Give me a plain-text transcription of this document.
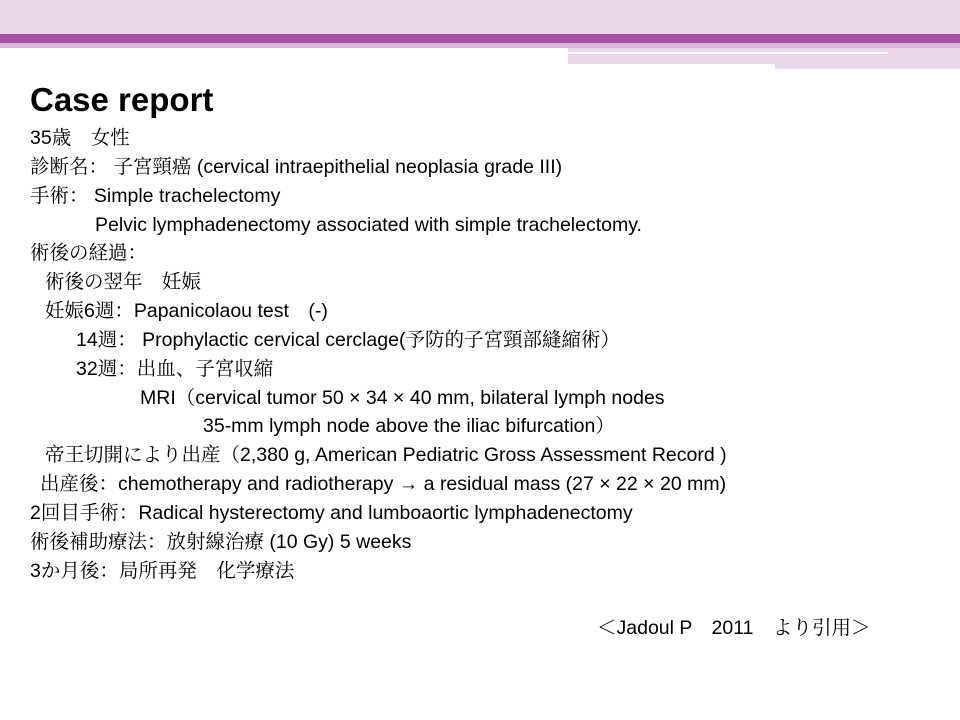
Case report
35歳　女性
診断名： 子宮頸癌 (cervical intraepithelial neoplasia grade III)
手術： Simple trachelectomy
Pelvic lymphadenectomy associated with simple trachelectomy.
術後の経過：
術後の翌年　妊娠
妊娠6週：Papanicolaou test　(-)
14週： Prophylactic cervical cerclage(予防的子宮頸部縫縮術）
32週：出血、子宮収縮
MRI（cervical tumor 50 × 34 × 40 mm, bilateral lymph nodes
35-mm lymph node above the iliac bifurcation）
帝王切開により出産（2,380 g, American Pediatric Gross Assessment Record )
出産後：chemotherapy and radiotherapy → a residual mass (27 × 22 × 20 mm)
2回目手術：Radical hysterectomy and lumboaortic lymphadenectomy
術後補助療法：放射線治療 (10 Gy) 5 weeks
3か月後：局所再発　化学療法
＜Jadoul P　2011　より引用＞
